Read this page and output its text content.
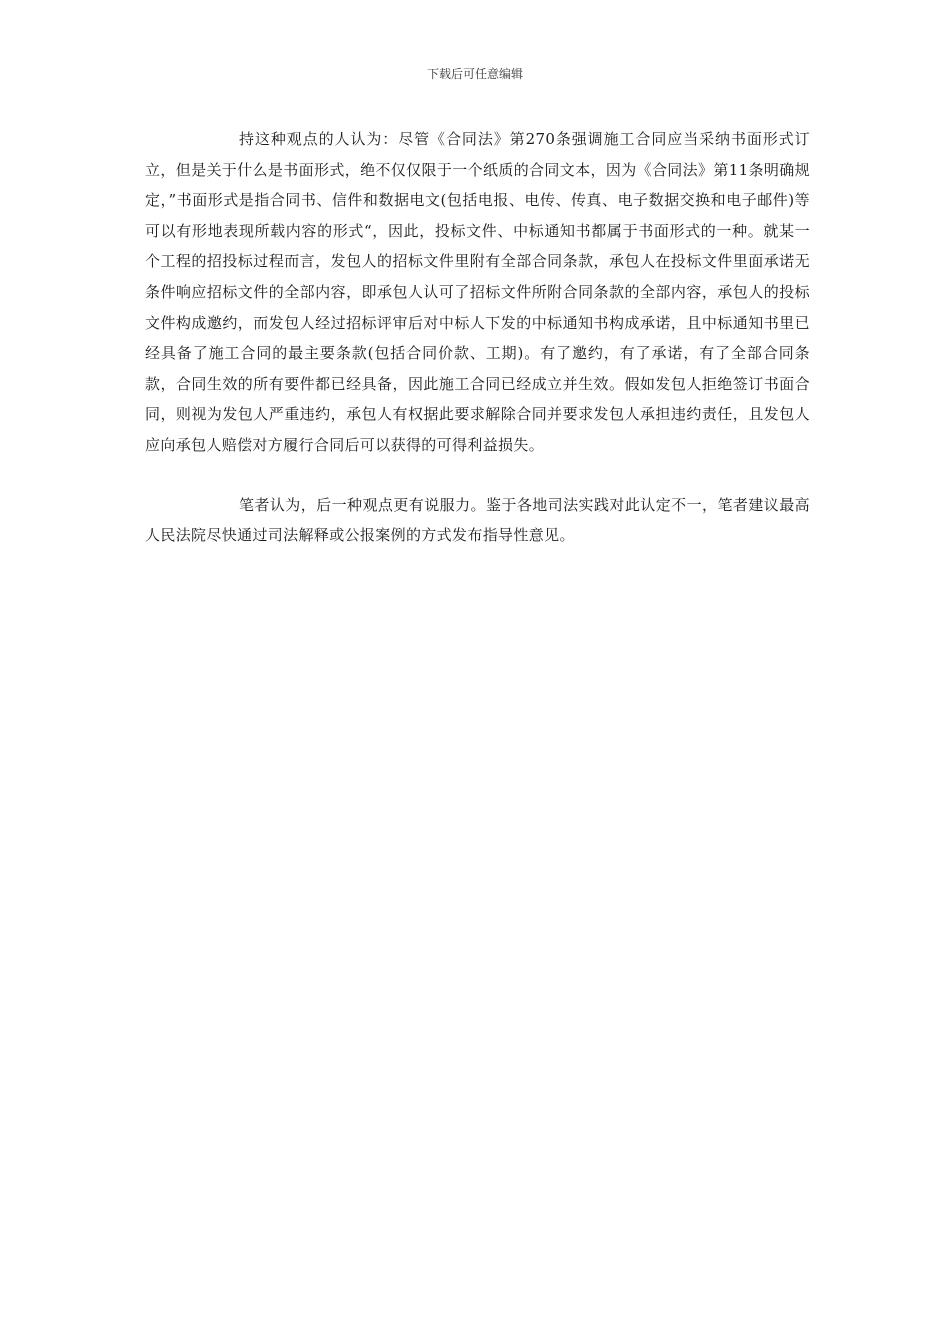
下载后可任意编辑

持这种观点的人认为：尽管《合同法》第270条强调施工合同应当采纳书面形式订立，但是关于什么是书面形式，绝不仅仅限于一个纸质的合同文本，因为《合同法》第11条明确规定，”书面形式是指合同书、信件和数据电文(包括电报、电传、传真、电子数据交换和电子邮件)等可以有形地表现所载内容的形式“，因此，投标文件、中标通知书都属于书面形式的一种。就某一个工程的招投标过程而言，发包人的招标文件里附有全部合同条款，承包人在投标文件里面承诺无条件响应招标文件的全部内容，即承包人认可了招标文件所附合同条款的全部内容，承包人的投标文件构成邀约，而发包人经过招标评审后对中标人下发的中标通知书构成承诺，且中标通知书里已经具备了施工合同的最主要条款(包括合同价款、工期)。有了邀约，有了承诺，有了全部合同条款，合同生效的所有要件都已经具备，因此施工合同已经成立并生效。假如发包人拒绝签订书面合同，则视为发包人严重违约，承包人有权据此要求解除合同并要求发包人承担违约责任，且发包人应向承包人赔偿对方履行合同后可以获得的可得利益损失。

笔者认为，后一种观点更有说服力。鉴于各地司法实践对此认定不一，笔者建议最高人民法院尽快通过司法解释或公报案例的方式发布指导性意见。
